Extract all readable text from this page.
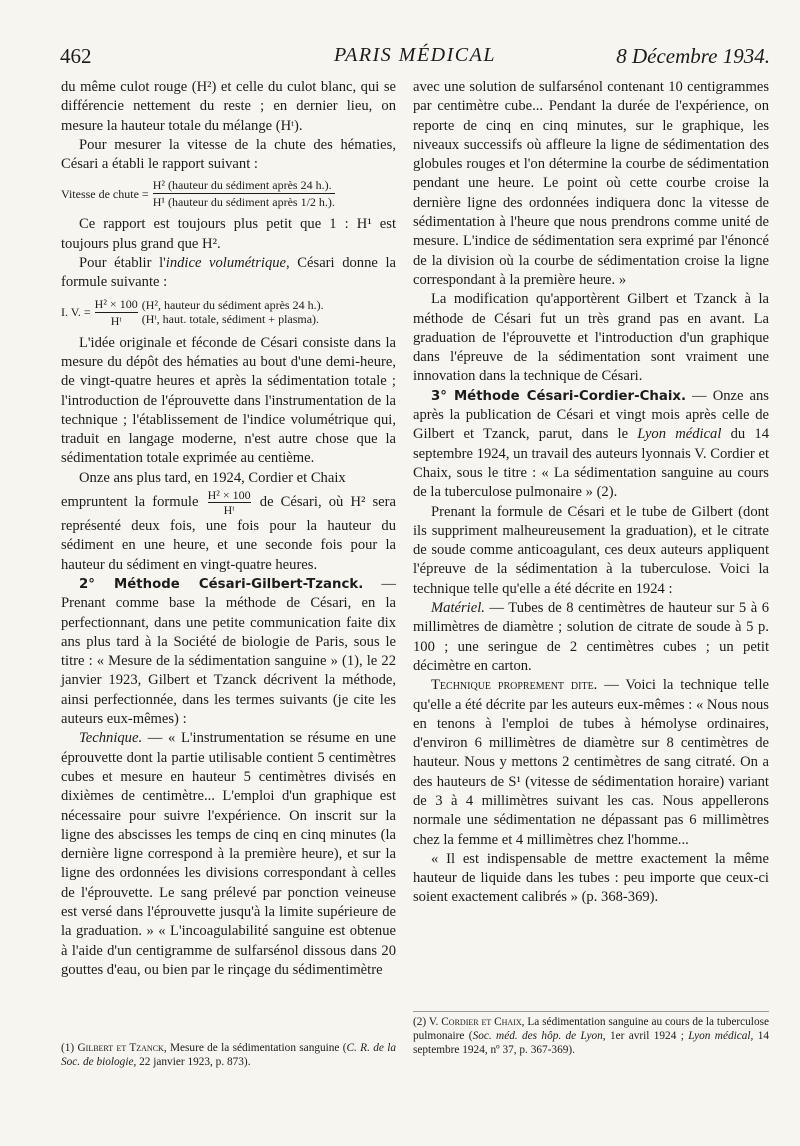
462	PARIS MÉDICAL	8 Décembre 1934.

du même culot rouge (H²) et celle du culot blanc, qui se différencie nettement du reste ; en dernier lieu, on mesure la hauteur totale du mélange (Hᵗ).

Pour mesurer la vitesse de la chute des hématies, Césari a établi le rapport suivant :

Vitesse de chute = $\frac{\text{H² (hauteur du sédiment après 24 h.).}}{\text{H¹ (hauteur du sédiment après 1/2 h.).}}$

Ce rapport est toujours plus petit que 1 : H¹ est toujours plus grand que H².

Pour établir l'indice volumétrique, Césari donne la formule suivante :

I. V. = $\frac{\text{H² × 100}}{\text{Hᵗ}} (H^2$, hauteur du sédiment après 24 h.).
(Hᵗ, haut. totale, sédiment + plasma).

L'idée originale et féconde de Césari consiste dans la mesure du dépôt des hématies au bout d'une demi-heure, de vingt-quatre heures et après la sédimentation totale ; l'introduction de l'éprouvette dans l'instrumentation de la technique ; l'établissement de l'indice volumétrique qui, traduit en langage moderne, n'est autre chose que la sédimentation totale exprimée au centième.

Onze ans plus tard, en 1924, Cordier et Chaix

empruntent la formule $\frac{\text{H² × 100}}{\text{Hᵗ}}$ de Césari, où H² sera représenté deux fois, une fois pour la hauteur du sédiment en une heure, et une seconde fois pour la hauteur du sédiment en vingt-quatre heures.

2° Méthode Césari-Gilbert-Tzanck. — Prenant comme base la méthode de Césari, en la perfectionnant, dans une petite communication faite dix ans plus tard à la Société de biologie de Paris, sous le titre : « Mesure de la sédimentation sanguine » (1), le 22 janvier 1923, Gilbert et Tzanck décrivent la méthode, ainsi perfectionnée, dans les termes suivants (je cite les auteurs eux-mêmes) :

Technique. — « L'instrumentation se résume en une éprouvette dont la partie utilisable contient 5 centimètres cubes et mesure en hauteur 5 centimètres divisés en dixièmes de centimètre... L'emploi d'un graphique est nécessaire pour suivre l'expérience. On inscrit sur la ligne des abscisses les temps de cinq en cinq minutes (la dernière ligne correspond à la première heure), et sur la ligne des ordonnées les divisions correspondant à celles de l'éprouvette. Le sang prélevé par ponction veineuse est versé dans l'éprouvette jusqu'à la limite supérieure de la graduation. » « L'incoagulabilité sanguine est obtenue à l'aide d'un centigramme de sulfarsénol dissous dans 20 gouttes d'eau, ou bien par le rinçage du sédimentimètre

(1) Gilbert et Tzanck, Mesure de la sédimentation sanguine (C. R. de la Soc. de biologie, 22 janvier 1923, p. 873).

avec une solution de sulfarsénol contenant 10 centigrammes par centimètre cube... Pendant la durée de l'expérience, on reporte de cinq en cinq minutes, sur le graphique, les niveaux successifs où affleure la ligne de sédimentation des globules rouges et l'on détermine la courbe de sédimentation pendant une heure. Le point où cette courbe croise la dernière ligne des ordonnées indiquera donc la vitesse de sédimentation à l'heure que nous prendrons comme unité de mesure. L'indice de sédimentation sera exprimé par l'énoncé de la division où la courbe de sédimentation croise la ligne correspondant à la première heure. »

La modification qu'apportèrent Gilbert et Tzanck à la méthode de Césari fut un très grand pas en avant. La graduation de l'éprouvette et l'introduction d'un graphique dans l'épreuve de la sédimentation sont vraiment une innovation dans la technique de Césari.

3° Méthode Césari-Cordier-Chaix. — Onze ans après la publication de Césari et vingt mois après celle de Gilbert et Tzanck, parut, dans le Lyon médical du 14 septembre 1924, un travail des auteurs lyonnais V. Cordier et Chaix, sous le titre : « La sédimentation sanguine au cours de la tuberculose pulmonaire » (2).

Prenant la formule de Césari et le tube de Gilbert (dont ils suppriment malheureusement la graduation), et le citrate de soude comme anticoagulant, ces deux auteurs appliquent l'épreuve de la sédimentation à la tuberculose. Voici la technique telle qu'elle a été décrite en 1924 :

Matériel. — Tubes de 8 centimètres de hauteur sur 5 à 6 millimètres de diamètre ; solution de citrate de soude à 5 p. 100 ; une seringue de 2 centimètres cubes ; un petit décimètre en carton.

Technique proprement dite. — Voici la technique telle qu'elle a été décrite par les auteurs eux-mêmes : « Nous nous en tenons à l'emploi de tubes à hémolyse ordinaires, d'environ 6 millimètres de diamètre sur 8 centimètres de hauteur. Nous y mettons 2 centimètres de sang citraté. On a des hauteurs de S¹ (vitesse de sédimentation horaire) variant de 3 à 4 millimètres suivant les cas. Nous appellerons normale une sédimentation ne dépassant pas 6 millimètres chez la femme et 4 millimètres chez l'homme...

« Il est indispensable de mettre exactement la même hauteur de liquide dans les tubes : peu importe que ceux-ci soient exactement calibrés » (p. 368-369).

(2) V. Cordier et Chaix, La sédimentation sanguine au cours de la tuberculose pulmonaire (Soc. méd. des hôp. de Lyon, 1er avril 1924 ; Lyon médical, 14 septembre 1924, nº 37, p. 367-369).
